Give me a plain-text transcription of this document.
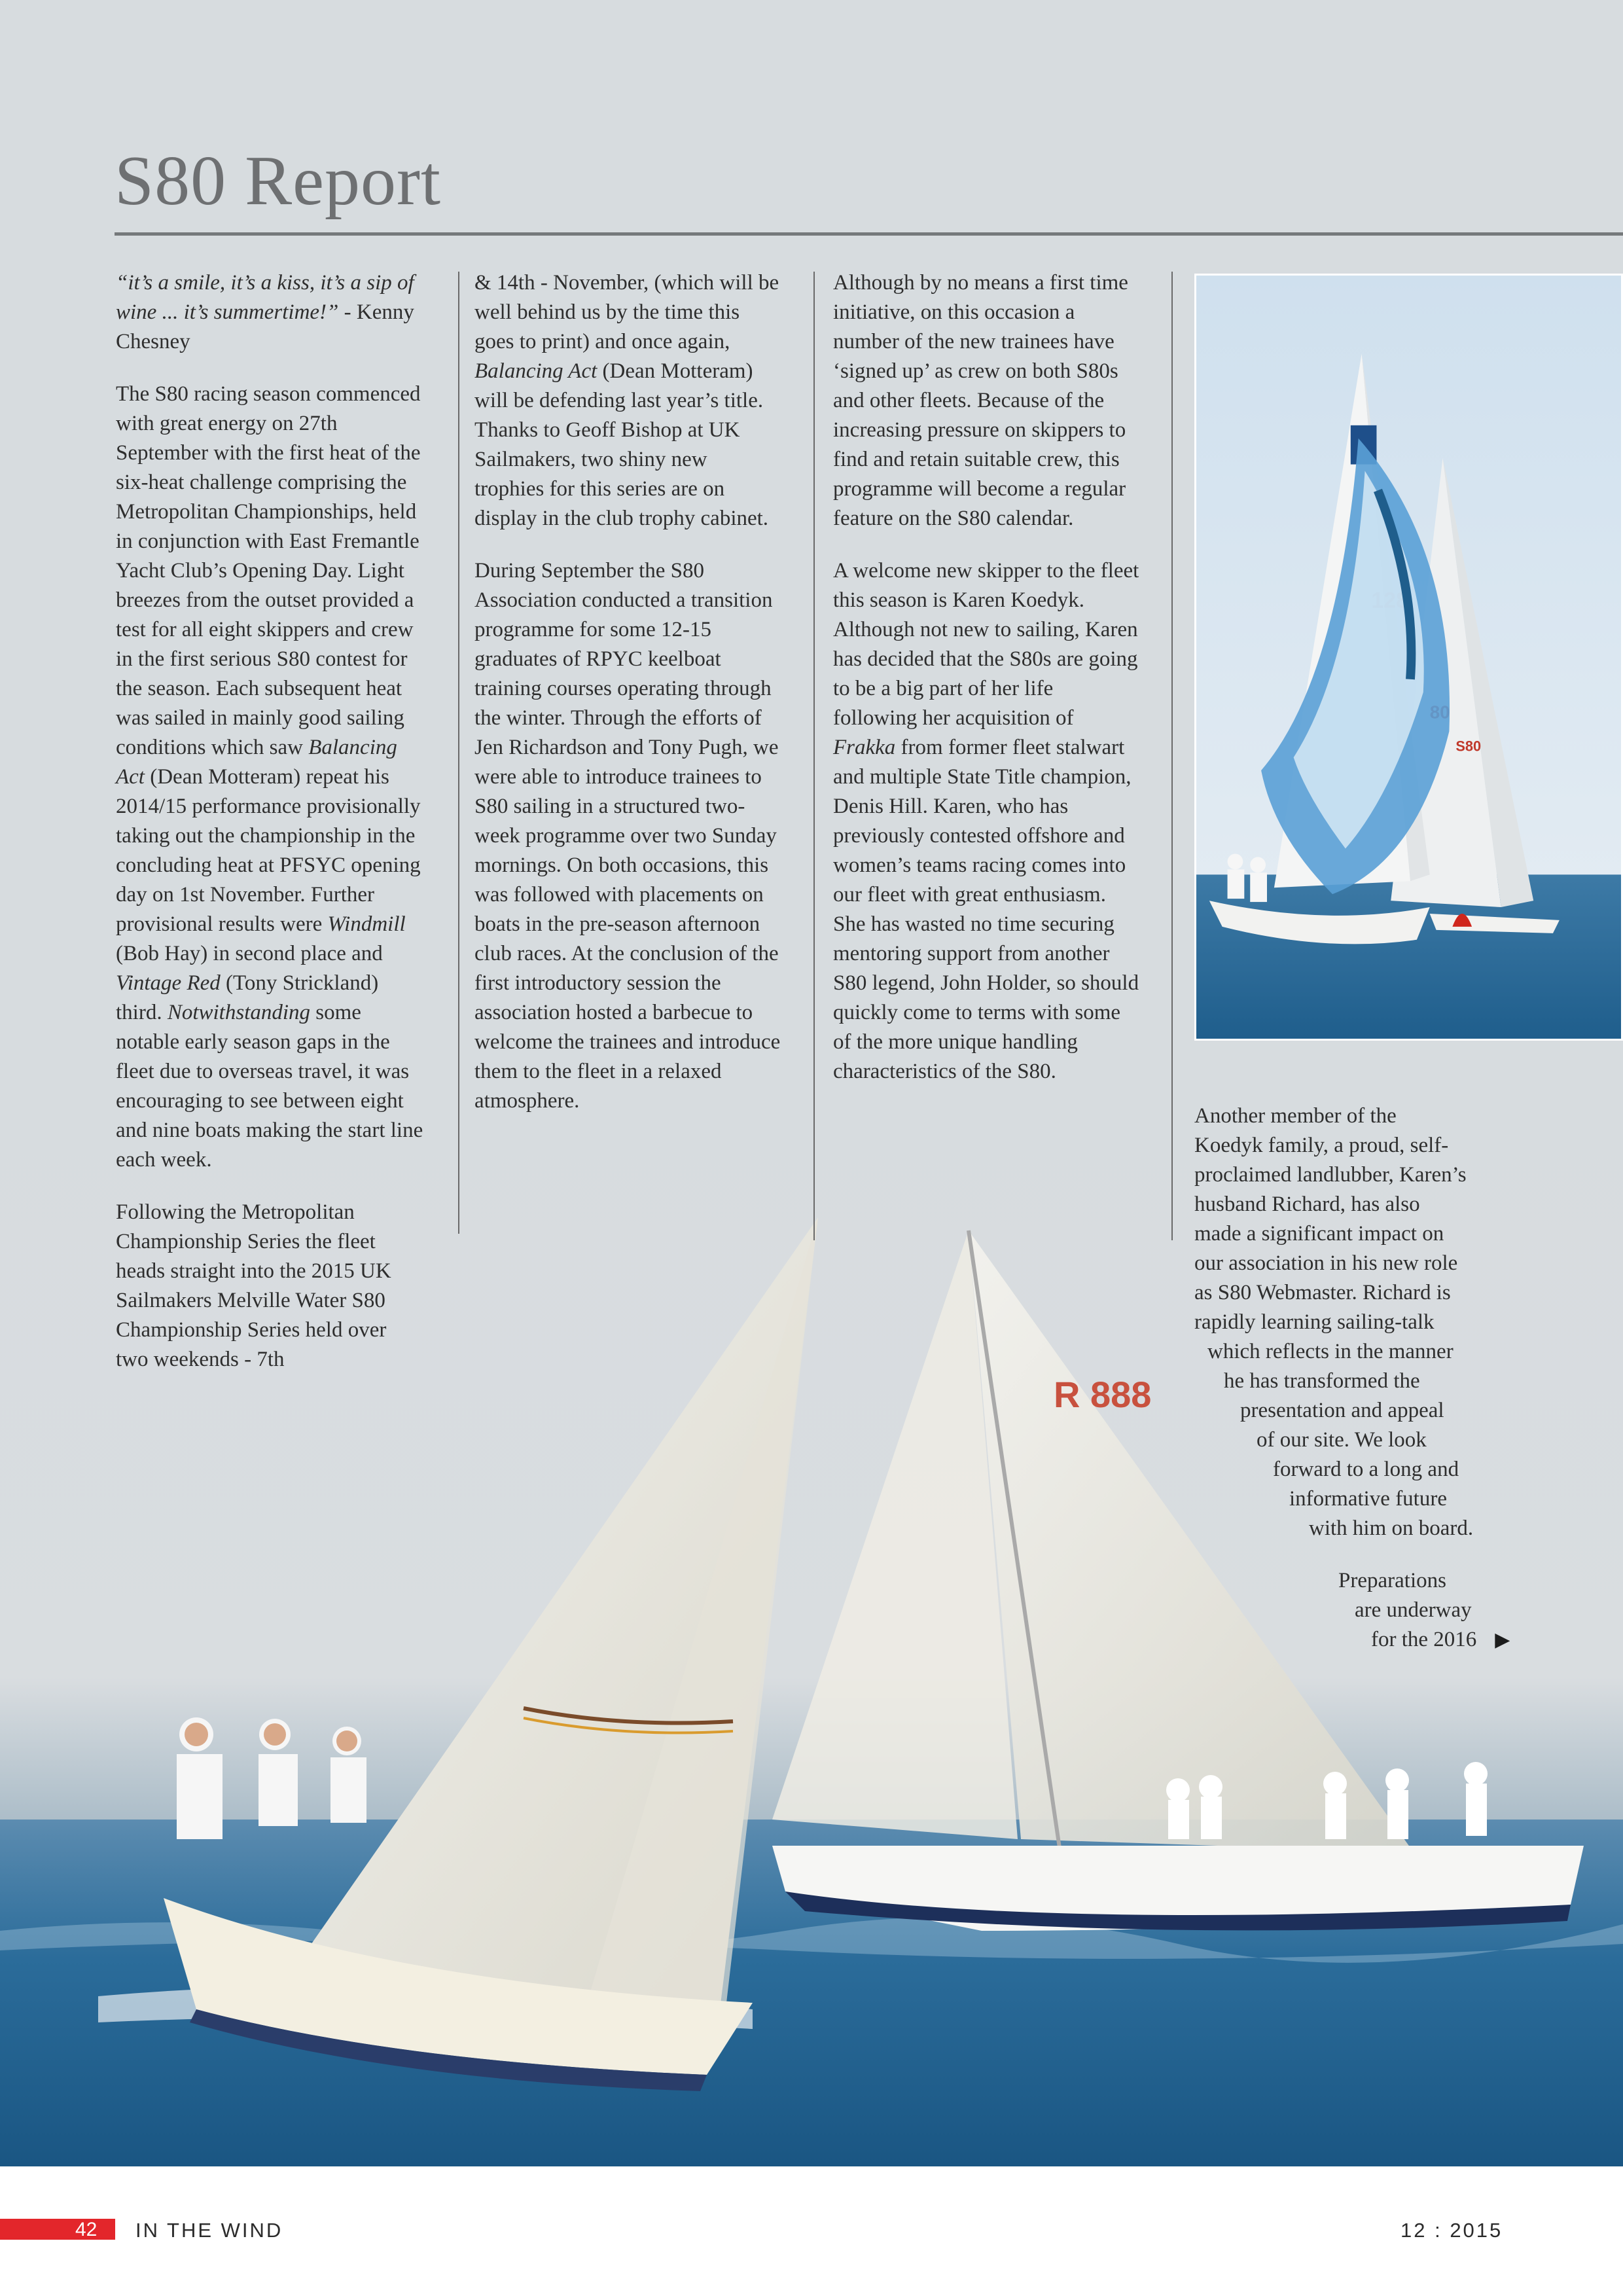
R 888
S80 Report

“it’s a smile, it’s a kiss, it’s a sip of wine ... it’s summertime!” - Kenny Chesney

The S80 racing season commenced with great energy on 27th September with the first heat of the six-heat challenge comprising the Metropolitan Championships, held in conjunction with East Fremantle Yacht Club’s Opening Day. Light breezes from the outset provided a test for all eight skippers and crew in the first serious S80 contest for the season. Each subsequent heat was sailed in mainly good sailing conditions which saw Balancing Act (Dean Motteram) repeat his 2014/15 performance provisionally taking out the championship in the concluding heat at PFSYC opening day on 1st November. Further provisional results were Windmill (Bob Hay) in second place and Vintage Red (Tony Strickland) third. Notwithstanding some notable early season gaps in the fleet due to overseas travel, it was encouraging to see between eight and nine boats making the start line each week.

Following the Metropolitan Championship Series the fleet heads straight into the 2015 UK Sailmakers Melville Water S80 Championship Series held over two weekends - 7th

& 14th - November, (which will be well behind us by the time this goes to print) and once again, Balancing Act (Dean Motteram) will be defending last year’s title. Thanks to Geoff Bishop at UK Sailmakers, two shiny new trophies for this series are on display in the club trophy cabinet.

During September the S80 Association conducted a transition programme for some 12-15 graduates of RPYC keelboat training courses operating through the winter. Through the efforts of Jen Richardson and Tony Pugh, we were able to introduce trainees to S80 sailing in a structured two-week programme over two Sunday mornings. On both occasions, this was followed with placements on boats in the pre-season afternoon club races. At the conclusion of the first introductory session the association hosted a barbecue to welcome the trainees and introduce them to the fleet in a relaxed atmosphere.

Although by no means a first time initiative, on this occasion a number of the new trainees have ‘signed up’ as crew on both S80s and other fleets. Because of the increasing pressure on skippers to find and retain suitable crew, this programme will become a regular feature on the S80 calendar.

A welcome new skipper to the fleet this season is Karen Koedyk. Although not new to sailing, Karen has decided that the S80s are going to be a big part of her life following her acquisition of Frakka from former fleet stalwart and multiple State Title champion, Denis Hill. Karen, who has previously contested offshore and women’s teams racing comes into our fleet with great enthusiasm. She has wasted no time securing mentoring support from another S80 legend, John Holder, so should quickly come to terms with some of the more unique handling characteristics of the S80.

S80
Another member of the
Koedyk family, a proud, self-
proclaimed landlubber, Karen’s
husband Richard, has also
made a significant impact on
our association in his new role
as S80 Webmaster. Richard is
rapidly learning sailing-talk
which reflects in the manner
he has transformed the
presentation and appeal
of our site. We look
forward to a long and
informative future
with him on board.
Preparations
are underway
for the 2016 ▶
42 IN THE WIND	12 : 2015
